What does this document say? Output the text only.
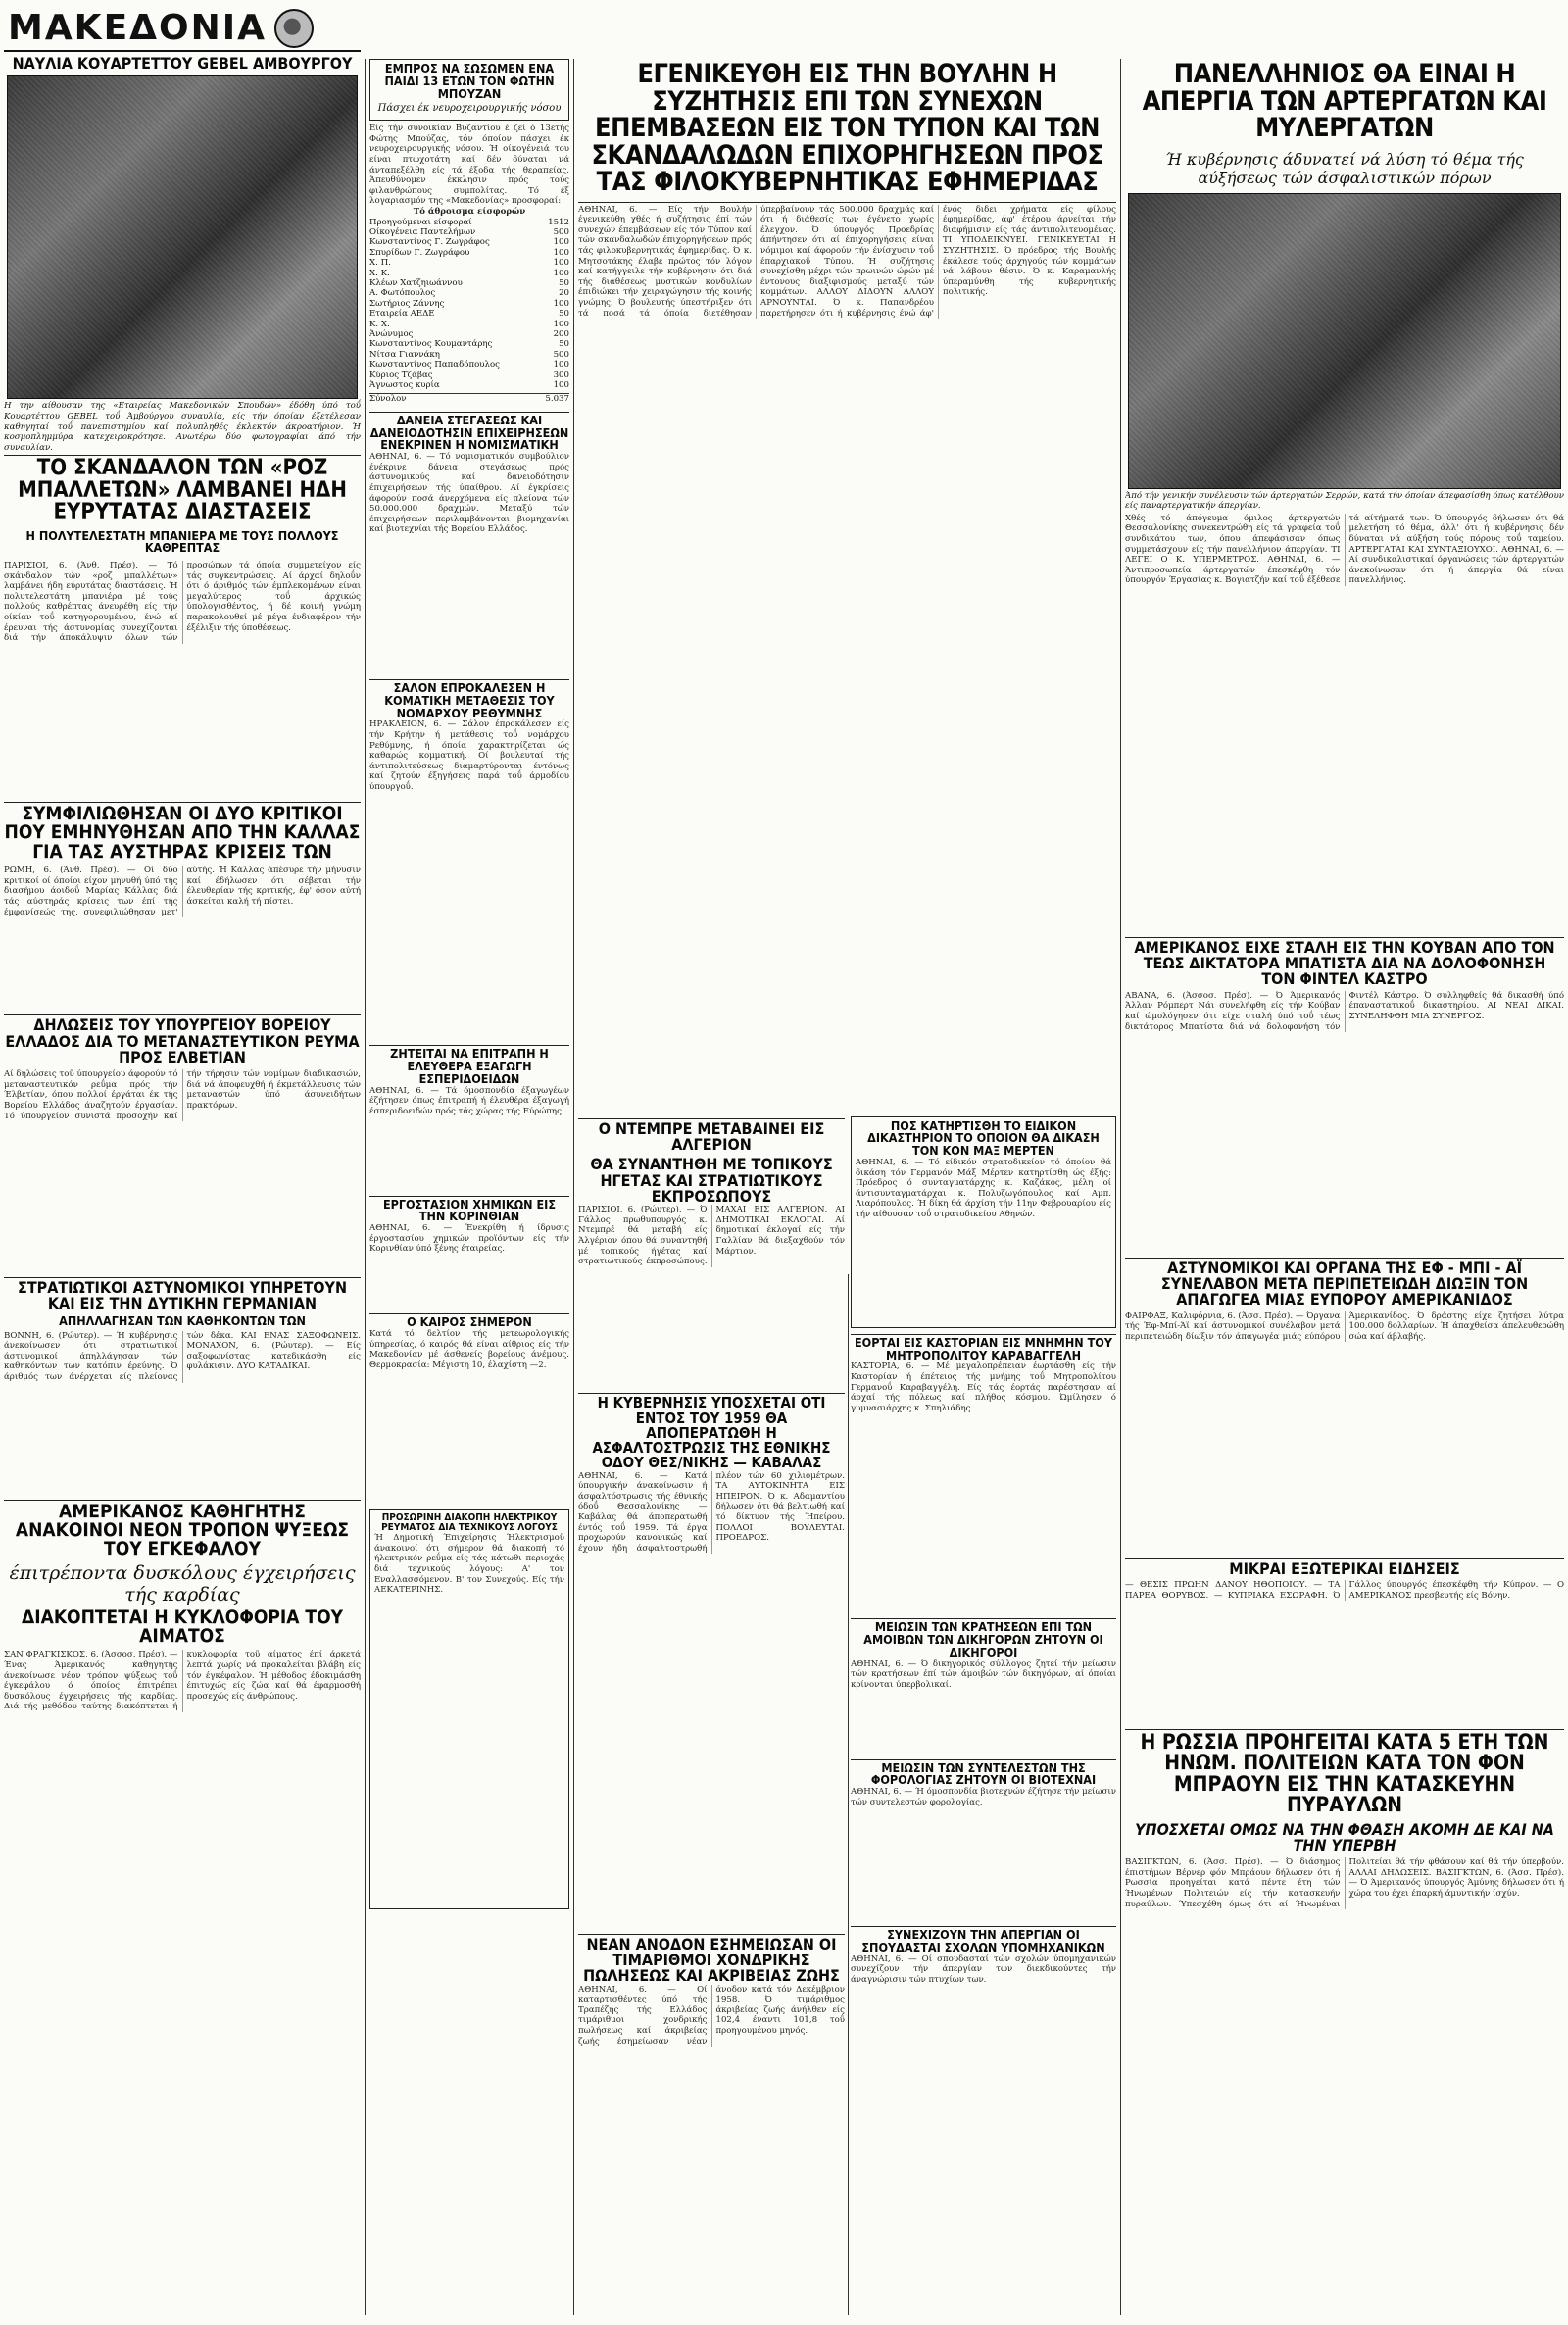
ΜΑΚΕΔΟΝΙΑ

ΝΑΥΛΙΑ ΚΟΥΑΡΤΕΤΤΟΥ GEBEL ΑΜΒΟΥΡΓΟΥ

Η την αίθουσαν της «Εταιρείας Μακεδονικών Σπουδών» έδόθη ύπό τοΰ Κουαρτέττου GEBEL τοΰ Άμβούργου συναυλία, είς τήν όποίαν έξετέλεσαν καθηγηταί τοΰ πανεπιστημίου καί πολυπληθές έκλεκτόν άκροατήριον. Ή κοσμοπλημμύρα κατεχειροκρότησε. Ανωτέρω δύο φωτογραφίαι άπό τήν συναυλίαν.

ΤΟ ΣΚΑΝΔΑΛΟΝ ΤΩΝ «ΡΟΖ ΜΠΑΛΛΕΤΩΝ» ΛΑΜΒΑΝΕΙ ΗΔΗ ΕΥΡΥΤΑΤΑΣ ΔΙΑΣΤΑΣΕΙΣ

Η ΠΟΛΥΤΕΛΕΣΤΑΤΗ ΜΠΑΝΙΕΡΑ ΜΕ ΤΟΥΣ ΠΟΛΛΟΥΣ ΚΑΘΡΕΠΤΑΣ

ΠΑΡΙΣΙΟΙ, 6. (Άνθ. Πρέσ). — Τό σκάνδαλον τών «ροζ μπαλλέτων» λαμβάνει ήδη εύρυτάτας διαστάσεις. Ή πολυτελεστάτη μπανιέρα μέ τούς πολλούς καθρέπτας άνευρέθη είς τήν οίκίαν τοΰ κατηγορουμένου, ένώ αί έρευναι τής άστυνομίας συνεχίζονται διά τήν άποκάλυψιν όλων τών προσώπων τά όποία συμμετείχον είς τάς συγκεντρώσεις. Αί άρχαί δηλοΰν ότι ό άριθμός τών έμπλεκομένων είναι μεγαλύτερος τοΰ άρχικώς ύπολογισθέντος, ή δέ κοινή γνώμη παρακολουθεί μέ μέγα ένδιαφέρον τήν έξέλιξιν τής ύποθέσεως.

ΣΥΜΦΙΛΙΩΘΗΣΑΝ ΟΙ ΔΥΟ ΚΡΙΤΙΚΟΙ ΠΟΥ ΕΜΗΝΥΘΗΣΑΝ ΑΠΟ ΤΗΝ ΚΑΛΛΑΣ ΓΙΑ ΤΑΣ ΑΥΣΤΗΡΑΣ ΚΡΙΣΕΙΣ ΤΩΝ

ΡΩΜΗ, 6. (Άνθ. Πρέσ). — Οί δύο κριτικοί οί όποίοι είχον μηνυθή ύπό τής διασήμου άοιδοΰ Μαρίας Κάλλας διά τάς αύστηράς κρίσεις των έπί τής έμφανίσεώς της, συνεφιλιώθησαν μετ' αύτής. Ή Κάλλας άπέσυρε τήν μήνυσιν καί έδήλωσεν ότι σέβεται τήν έλευθερίαν τής κριτικής, έφ' όσον αύτή άσκείται καλή τή πίστει.

ΔΗΛΩΣΕΙΣ ΤΟΥ ΥΠΟΥΡΓΕΙΟΥ ΒΟΡΕΙΟΥ ΕΛΛΑΔΟΣ ΔΙΑ ΤΟ ΜΕΤΑΝΑΣΤΕΥΤΙΚΟΝ ΡΕΥΜΑ ΠΡΟΣ ΕΛΒΕΤΙΑΝ

Αί δηλώσεις τοΰ ύπουργείου άφορούν τό μεταναστευτικόν ρεΰμα πρός τήν Έλβετίαν, όπου πολλοί έργάται έκ τής Βορείου Ελλάδος άναζητούν έργασίαν. Τό ύπουργείον συνιστά προσοχήν καί τήν τήρησιν τών νομίμων διαδικασιών, διά νά άποφευχθή ή έκμετάλλευσις τών μεταναστών ύπό άσυνειδήτων πρακτόρων.

ΣΤΡΑΤΙΩΤΙΚΟΙ ΑΣΤΥΝΟΜΙΚΟΙ ΥΠΗΡΕΤΟΥΝ ΚΑΙ ΕΙΣ ΤΗΝ ΔΥΤΙΚΗΝ ΓΕΡΜΑΝΙΑΝ

ΑΠΗΛΛΑΓΗΣΑΝ ΤΩΝ ΚΑΘΗΚΟΝΤΩΝ ΤΩΝ

ΒΟΝΝΗ, 6. (Ρώυτερ). — Ή κυβέρνησις άνεκοίνωσεν ότι στρατιωτικοί άστυνομικοί άπηλλάγησαν τών καθηκόντων των κατόπιν έρεύνης. Ό άριθμός των άνέρχεται είς πλείονας τών δέκα. ΚΑΙ ΕΝΑΣ ΣΑΞΟΦΩΝΕΙΣ. ΜΟΝΑΧΟΝ, 6. (Ρώυτερ). — Είς σαξοφωνίστας κατεδικάσθη είς φυλάκισιν. ΔΥΟ ΚΑΤΑΔΙΚΑΙ.

ΑΜΕΡΙΚΑΝΟΣ ΚΑΘΗΓΗΤΗΣ ΑΝΑΚΟΙΝΟΙ ΝΕΟΝ ΤΡΟΠΟΝ ΨΥΞΕΩΣ ΤΟΥ ΕΓΚΕΦΑΛΟΥ

έπιτρέποντα δυσκόλους έγχειρήσεις τής καρδίας

ΔΙΑΚΟΠΤΕΤΑΙ Η ΚΥΚΛΟΦΟΡΙΑ ΤΟΥ ΑΙΜΑΤΟΣ

ΣΑΝ ΦΡΑΓΚΙΣΚΟΣ, 6. (Άσσοσ. Πρέσ). — Ένας Άμερικανός καθηγητής άνεκοίνωσε νέον τρόπον ψύξεως τοΰ έγκεφάλου ό όποίος έπιτρέπει δυσκόλους έγχειρήσεις τής καρδίας. Διά τής μεθόδου ταύτης διακόπτεται ή κυκλοφορία τοΰ αίματος έπί άρκετά λεπτά χωρίς νά προκαλείται βλάβη είς τόν έγκέφαλον. Ή μέθοδος έδοκιμάσθη έπιτυχώς είς ζώα καί θά έφαρμοσθή προσεχώς είς άνθρώπους.

ΕΜΠΡΟΣ ΝΑ ΣΩΣΩΜΕΝ ΕΝΑ ΠΑΙΔΙ 13 ΕΤΩΝ ΤΟΝ ΦΩΤΗΝ ΜΠΟΥΖΑΝ

Πάσχει έκ νευροχειρουργικής νόσου

Είς τήν συνοικίαν Βυζαντίου έ ζεί ό 13ετής Φώτης Μπούζας, τόν όποίον πάσχει έκ νευροχειρουργικής νόσου. Ή οίκογένειά του είναι πτωχοτάτη καί δέν δύναται νά άνταπεξέλθη είς τά έξοδα τής θεραπείας. Άπευθύνομεν έκκλησιν πρός τούς φιλανθρώπους συμπολίτας. Τό έξ λογαριασμόν της «Μακεδονίας» προσφοραί:

Τό άθροισμα είσφορών

Προηγούμεναι είσφοραί	1512
Οίκογένεια Παντελήμων	500
Κωνσταντίνος Γ. Ζωγράφος	100
Σπυρίδων Γ. Ζωγράφου	100
Χ. Π.	100
Χ. Κ.	100
Κλέων Χατζηιωάννου	50
Α. Φωτόπουλος	20
Σωτήριος Ζάννης	100
Εταιρεία ΑΕΔΕ	50
Κ. Χ.	100
Άνώνυμος	200
Κωνσταντίνος Κουμαντάρης	50
Νίτσα Γιαννάκη	500
Κωνσταντίνος Παπαδόπουλος	100
Κύριος Τζάβας	300
Άγνωστος κυρία	100
Σύνολον	5.037

ΔΑΝΕΙΑ ΣΤΕΓΑΣΕΩΣ ΚΑΙ ΔΑΝΕΙΟΔΟΤΗΣΙΝ ΕΠΙΧΕΙΡΗΣΕΩΝ ΕΝΕΚΡΙΝΕΝ Η ΝΟΜΙΣΜΑΤΙΚΗ

ΑΘΗΝΑΙ, 6. — Τό νομισματικόν συμβούλιον ένέκρινε δάνεια στεγάσεως πρός άστυνομικούς καί δανειοδότησιν έπιχειρήσεων τής ύπαίθρου. Αί έγκρίσεις άφορούν ποσά άνερχόμενα είς πλείονα τών 50.000.000 δραχμών. Μεταξύ τών έπιχειρήσεων περιλαμβάνονται βιομηχανίαι καί βιοτεχνίαι τής Βορείου Ελλάδος.

ΣΑΛΟΝ ΕΠΡΟΚΑΛΕΣΕΝ Η ΚΟΜΑΤΙΚΗ ΜΕΤΑΘΕΣΙΣ ΤΟΥ ΝΟΜΑΡΧΟΥ ΡΕΘΥΜΝΗΣ

ΗΡΑΚΛΕΙΟΝ, 6. — Σάλον έπροκάλεσεν είς τήν Κρήτην ή μετάθεσις τοΰ νομάρχου Ρεθύμνης, ή όποία χαρακτηρίζεται ώς καθαρώς κομματική. Οί βουλευταί τής άντιπολιτεύσεως διαμαρτύρονται έντόνως καί ζητούν έξηγήσεις παρά τοΰ άρμοδίου ύπουργοΰ.

ΖΗΤΕΙΤΑΙ ΝΑ ΕΠΙΤΡΑΠΗ Η ΕΛΕΥΘΕΡΑ ΕΞΑΓΩΓΗ ΕΣΠΕΡΙΔΟΕΙΔΩΝ

ΑΘΗΝΑΙ, 6. — Τά όμοσπονδία έξαγωγέων έζήτησεν όπως έπιτραπή ή έλευθέρα έξαγωγή έσπεριδοειδών πρός τάς χώρας τής Εύρώπης.

ΕΡΓΟΣΤΑΣΙΟΝ ΧΗΜΙΚΩΝ ΕΙΣ ΤΗΝ ΚΟΡΙΝΘΙΑΝ

ΑΘΗΝΑΙ, 6. — Ένεκρίθη ή ίδρυσις έργοστασίου χημικών προϊόντων είς τήν Κορινθίαν ύπό ξένης έταιρείας.

Ο ΚΑΙΡΟΣ ΣΗΜΕΡΟΝ

Κατά τό δελτίον τής μετεωρολογικής ύπηρεσίας, ό καιρός θά είναι αίθριος είς τήν Μακεδονίαν μέ άσθενείς βορείους άνέμους. Θερμοκρασία: Μέγιστη 10, έλαχίστη —2.

ΠΡΟΣΩΡΙΝΗ ΔΙΑΚΟΠΗ ΗΛΕΚΤΡΙΚΟΥ ΡΕΥΜΑΤΟΣ ΔΙΑ ΤΕΧΝΙΚΟΥΣ ΛΟΓΟΥΣ

Ή Δημοτική Έπιχείρησις Ήλεκτρισμοΰ άνακοινοί ότι σήμερον θά διακοπή τό ήλεκτρικόν ρεΰμα είς τάς κάτωθι περιοχάς διά τεχνικούς λόγους: Α' τον Εναλλασσόμενον. Β' τον Συνεχούς. Είς τήν ΑΕΚΑΤΕΡΙΝΗΣ.

ΕΓΕΝΙΚΕΥΘΗ ΕΙΣ ΤΗΝ ΒΟΥΛΗΝ Η ΣΥΖΗΤΗΣΙΣ ΕΠΙ ΤΩΝ ΣΥΝΕΧΩΝ ΕΠΕΜΒΑΣΕΩΝ ΕΙΣ ΤΟΝ ΤΥΠΟΝ ΚΑΙ ΤΩΝ ΣΚΑΝΔΑΛΩΔΩΝ ΕΠΙΧΟΡΗΓΗΣΕΩΝ ΠΡΟΣ ΤΑΣ ΦΙΛΟΚΥΒΕΡΝΗΤΙΚΑΣ ΕΦΗΜΕΡΙΔΑΣ

ΑΘΗΝΑΙ, 6. — Είς τήν Βουλήν έγενικεύθη χθές ή συζήτησις έπί τών συνεχών έπεμβάσεων είς τόν Τύπον καί τών σκανδαλωδών έπιχορηγήσεων πρός τάς φιλοκυβερνητικάς έφημερίδας. Ό κ. Μητσοτάκης έλαβε πρώτος τόν λόγον καί κατήγγειλε τήν κυβέρνησιν ότι διά τής διαθέσεως μυστικών κονδυλίων έπιδιώκει τήν χειραγώγησιν τής κοινής γνώμης. Ό βουλευτής ύπεστήριξεν ότι τά ποσά τά όποία διετέθησαν ύπερβαίνουν τάς 500.000 δραχμάς καί ότι ή διάθεσίς των έγένετο χωρίς έλεγχον. Ό ύπουργός Προεδρίας άπήντησεν ότι αί έπιχορηγήσεις είναι νόμιμοι καί άφορούν τήν ένίσχυσιν τοΰ έπαρχιακοΰ Τύπου. Ή συζήτησις συνεχίσθη μέχρι τών πρωινών ώρών μέ έντονους διαξιφισμούς μεταξύ τών κομμάτων. ΑΛΛΟΥ ΔΙΔΟΥΝ ΑΛΛΟΥ ΑΡΝΟΥΝΤΑΙ. Ό κ. Παπανδρέου παρετήρησεν ότι ή κυβέρνησις ένώ άφ' ένός διδει χρήματα είς φίλους έφημερίδας, άφ' έτέρου άρνείται τήν διαφήμισιν είς τάς άντιπολιτευομένας. ΤΙ ΥΠΟΔΕΙΚΝΥΕΙ. ΓΕΝΙΚΕΥΕΤΑΙ Η ΣΥΖΗΤΗΣΙΣ. Ό πρόεδρος τής Βουλής έκάλεσε τούς άρχηγούς τών κομμάτων νά λάβουν θέσιν. Ό κ. Καραμανλής ύπεραμύνθη τής κυβερνητικής πολιτικής.

Ο ΝΤΕΜΠΡΕ ΜΕΤΑΒΑΙΝΕΙ ΕΙΣ ΑΛΓΕΡΙΟΝ

ΘΑ ΣΥΝΑΝΤΗΘΗ ΜΕ ΤΟΠΙΚΟΥΣ ΗΓΕΤΑΣ ΚΑΙ ΣΤΡΑΤΙΩΤΙΚΟΥΣ ΕΚΠΡΟΣΩΠΟΥΣ

ΠΑΡΙΣΙΟΙ, 6. (Ρώυτερ). — Ό Γάλλος πρωθυπουργός κ. Ντεμπρέ θά μεταβή είς Άλγέριον όπου θά συναντηθή μέ τοπικούς ήγέτας καί στρατιωτικούς έκπροσώπους. ΜΑΧΑΙ ΕΙΣ ΑΛΓΕΡΙΟΝ. ΑΙ ΔΗΜΟΤΙΚΑΙ ΕΚΛΟΓΑΙ. Αί δημοτικαί έκλογαί είς τήν Γαλλίαν θά διεξαχθούν τόν Μάρτιον.

Η ΚΥΒΕΡΝΗΣΙΣ ΥΠΟΣΧΕΤΑΙ ΟΤΙ ΕΝΤΟΣ ΤΟΥ 1959 ΘΑ ΑΠΟΠΕΡΑΤΩΘΗ Η ΑΣΦΑΛΤΟΣΤΡΩΣΙΣ ΤΗΣ ΕΘΝΙΚΗΣ ΟΔΟΥ ΘΕΣ/ΝΙΚΗΣ — ΚΑΒΑΛΑΣ

ΑΘΗΝΑΙ, 6. — Κατά ύπουργικήν άνακοίνωσιν ή άσφαλτόστρωσις τής έθνικής όδοΰ Θεσσαλονίκης — Καβάλας θά άποπερατωθή έντός τοΰ 1959. Τά έργα προχωρούν κανονικώς καί έχουν ήδη άσφαλτοστρωθή πλέον τών 60 χιλιομέτρων. ΤΑ ΑΥΤΟΚΙΝΗΤΑ ΕΙΣ ΗΠΕΙΡΟΝ. Ό κ. Αδαμαντίου δήλωσεν ότι θά βελτιωθή καί τό δίκτυον τής Ήπείρου. ΠΟΛΛΟΙ ΒΟΥΛΕΥΤΑΙ. ΠΡΟΕΔΡΟΣ.

ΝΕΑΝ ΑΝΟΔΟΝ ΕΣΗΜΕΙΩΣΑΝ ΟΙ ΤΙΜΑΡΙΘΜΟΙ ΧΟΝΔΡΙΚΗΣ ΠΩΛΗΣΕΩΣ ΚΑΙ ΑΚΡΙΒΕΙΑΣ ΖΩΗΣ

ΑΘΗΝΑΙ, 6. — Οί καταρτισθέντες ύπό τής Τραπέζης τής Ελλάδος τιμάριθμοι χονδρικής πωλήσεως καί άκριβείας ζωής έσημείωσαν νέαν άνοδον κατά τόν Δεκέμβριον 1958. Ό τιμάριθμος άκριβείας ζωής άνήλθεν είς 102,4 έναντι 101,8 τοΰ προηγουμένου μηνός.

ΠΟΣ ΚΑΤΗΡΤΙΣΘΗ ΤΟ ΕΙΔΙΚΟΝ ΔΙΚΑΣΤΗΡΙΟΝ ΤΟ ΟΠΟΙΟΝ ΘΑ ΔΙΚΑΣΗ ΤΟΝ ΚΟΝ ΜΑΞ ΜΕΡΤΕΝ

ΑΘΗΝΑΙ, 6. — Τό είδικόν στρατοδικείον τό όποίον θά δικάση τόν Γερμανόν Μάξ Μέρτεν κατηρτίσθη ώς έξής: Πρόεδρος ό συνταγματάρχης κ. Καζάκος, μέλη οί άντισυνταγματάρχαι κ. Πολυζωγόπουλος καί Αμπ. Λιαρόπουλος. Ή δίκη θά άρχίση τήν 11ην Φεβρουαρίου είς τήν αίθουσαν τοΰ στρατοδικείου Αθηνών.

ΕΟΡΤΑΙ ΕΙΣ ΚΑΣΤΟΡΙΑΝ ΕΙΣ ΜΝΗΜΗΝ ΤΟΥ ΜΗΤΡΟΠΟΛΙΤΟΥ ΚΑΡΑΒΑΓΓΕΛΗ

ΚΑΣΤΟΡΙΑ, 6. — Μέ μεγαλοπρέπειαν έωρτάσθη είς τήν Καστορίαν ή έπέτειος τής μνήμης τοΰ Μητροπολίτου Γερμανοΰ Καραβαγγέλη. Είς τάς έορτάς παρέστησαν αί άρχαί τής πόλεως καί πλήθος κόσμου. Ώμίλησεν ό γυμνασιάρχης κ. Σπηλιάδης.

ΜΕΙΩΣΙΝ ΤΩΝ ΚΡΑΤΗΣΕΩΝ ΕΠΙ ΤΩΝ ΑΜΟΙΒΩΝ ΤΩΝ ΔΙΚΗΓΟΡΩΝ ΖΗΤΟΥΝ ΟΙ ΔΙΚΗΓΟΡΟΙ

ΑΘΗΝΑΙ, 6. — Ό δικηγορικός σύλλογος ζητεί τήν μείωσιν τών κρατήσεων έπί τών άμοιβών τών δικηγόρων, αί όποίαι κρίνονται ύπερβολικαί.

ΜΕΙΩΣΙΝ ΤΩΝ ΣΥΝΤΕΛΕΣΤΩΝ ΤΗΣ ΦΟΡΟΛΟΓΙΑΣ ΖΗΤΟΥΝ ΟΙ ΒΙΟΤΕΧΝΑΙ

ΑΘΗΝΑΙ, 6. — Ή όμοσπονδία βιοτεχνών έζήτησε τήν μείωσιν τών συντελεστών φορολογίας.

ΣΥΝΕΧΙΖΟΥΝ ΤΗΝ ΑΠΕΡΓΙΑΝ ΟΙ ΣΠΟΥΔΑΣΤΑΙ ΣΧΟΛΩΝ ΥΠΟΜΗΧΑΝΙΚΩΝ

ΑΘΗΝΑΙ, 6. — Οί σπουδασταί τών σχολών ύπομηχανικών συνεχίζουν τήν άπεργίαν των διεκδικούντες τήν άναγνώρισιν τών πτυχίων των.

ΠΑΝΕΛΛΗΝΙΟΣ ΘΑ ΕΙΝΑΙ Η ΑΠΕΡΓΙΑ ΤΩΝ ΑΡΤΕΡΓΑΤΩΝ ΚΑΙ ΜΥΛΕΡΓΑΤΩΝ

Ή κυβέρνησις άδυνατεί νά λύση τό θέμα τής αύξήσεως τών άσφαλιστικών πόρων

Άπό τήν γενικήν συνέλευσιν τών άρτεργατών Σερρών, κατά τήν όποίαν άπεφασίσθη όπως κατέλθουν είς παναρτεργατικήν άπεργίαν.

Χθές τό άπόγευμα όμιλος άρτεργατών Θεσσαλονίκης συνεκεντρώθη είς τά γραφεία τοΰ συνδικάτου των, όπου άπεφάσισαν όπως συμμετάσχουν είς τήν πανελλήνιον άπεργίαν. ΤΙ ΛΕΓΕΙ Ο Κ. ΥΠΕΡΜΕΤΡΟΣ. ΑΘΗΝΑΙ, 6. — Άντιπροσωπεία άρτεργατών έπεσκέφθη τόν ύπουργόν Έργασίας κ. Βογιατζήν καί τοΰ έξέθεσε τά αίτήματά των. Ό ύπουργός δήλωσεν ότι θά μελετήση τό θέμα, άλλ' ότι ή κυβέρνησις δέν δύναται νά αύξήση τούς πόρους τοΰ ταμείου. ΑΡΤΕΡΓΑΤΑΙ ΚΑΙ ΣΥΝΤΑΞΙΟΥΧΟΙ. ΑΘΗΝΑΙ, 6. — Αί συνδικαλιστικαί όργανώσεις τών άρτεργατών άνεκοίνωσαν ότι ή άπεργία θά είναι πανελλήνιος.

ΑΜΕΡΙΚΑΝΟΣ ΕΙΧΕ ΣΤΑΛΗ ΕΙΣ ΤΗΝ ΚΟΥΒΑΝ ΑΠΟ ΤΟΝ ΤΕΩΣ ΔΙΚΤΑΤΟΡΑ ΜΠΑΤΙΣΤΑ ΔΙΑ ΝΑ ΔΟΛΟΦΟΝΗΣΗ ΤΟΝ ΦΙΝΤΕΛ ΚΑΣΤΡΟ

ΑΒΑΝΑ, 6. (Άσσοσ. Πρέσ). — Ό Άμερικανός Άλλαν Ρόμπερτ Νάι συνελήφθη είς τήν Κούβαν καί ώμολόγησεν ότι είχε σταλή ύπό τοΰ τέως δικτάτορος Μπατίστα διά νά δολοφονήση τόν Φιντέλ Κάστρο. Ό συλληφθείς θά δικασθή ύπό έπαναστατικοΰ δικαστηρίου. ΑΙ ΝΕΑΙ ΔΙΚΑΙ. ΣΥΝΕΛΗΦΘΗ ΜΙΑ ΣΥΝΕΡΓΟΣ.

ΑΣΤΥΝΟΜΙΚΟΙ ΚΑΙ ΟΡΓΑΝΑ ΤΗΣ ΕΦ - ΜΠΙ - ΑΪ ΣΥΝΕΛΑΒΟΝ ΜΕΤΑ ΠΕΡΙΠΕΤΕΙΩΔΗ ΔΙΩΞΙΝ ΤΟΝ ΑΠΑΓΩΓΕΑ ΜΙΑΣ ΕΥΠΟΡΟΥ ΑΜΕΡΙΚΑΝΙΔΟΣ

ΦΑΙΡΦΑΞ, Καλιφόρνια, 6. (Άσσ. Πρέσ). — Όργανα τής Έφ-Μπί-Άϊ καί άστυνομικοί συνέλαβον μετά περιπετειώδη δίωξιν τόν άπαγωγέα μιάς εύπόρου Άμερικανίδος. Ό δράστης είχε ζητήσει λύτρα 100.000 δολλαρίων. Ή άπαχθείσα άπελευθερώθη σώα καί άβλαβής.

ΜΙΚΡΑΙ ΕΞΩΤΕΡΙΚΑΙ ΕΙΔΗΣΕΙΣ

— ΘΕΣΙΣ ΠΡΩΗΝ ΔΑΝΟΥ ΗΘΟΠΟΙΟΥ. — ΤΑ ΠΑΡΕΑ ΘΟΡΥΒΟΣ. — ΚΥΠΡΙΑΚΑ ΕΣΩΡΑΦΗ. Ό Γάλλος ύπουργός έπεσκέφθη τήν Κύπρον. — Ο ΑΜΕΡΙΚΑΝΟΣ πρεσβευτής είς Βόνην.

Η ΡΩΣΣΙΑ ΠΡΟΗΓΕΙΤΑΙ ΚΑΤΑ 5 ΕΤΗ ΤΩΝ ΗΝΩΜ. ΠΟΛΙΤΕΙΩΝ ΚΑΤΑ ΤΟΝ ΦΟΝ ΜΠΡΑΟΥΝ ΕΙΣ ΤΗΝ ΚΑΤΑΣΚΕΥΗΝ ΠΥΡΑΥΛΩΝ

ΥΠΟΣΧΕΤΑΙ ΟΜΩΣ ΝΑ ΤΗΝ ΦΘΑΣΗ ΑΚΟΜΗ ΔΕ ΚΑΙ ΝΑ ΤΗΝ ΥΠΕΡΒΗ

ΒΑΣΙΓΚΤΩΝ, 6. (Άσσ. Πρέσ). — Ό διάσημος έπιστήμων Βέρνερ φόν Μπράουν δήλωσεν ότι ή Ρωσσία προηγείται κατά πέντε έτη τών Ήνωμένων Πολιτειών είς τήν κατασκευήν πυραύλων. Ύπεσχέθη όμως ότι αί Ήνωμέναι Πολιτείαι θά τήν φθάσουν καί θά τήν ύπερβούν. ΑΛΛΑΙ ΔΗΛΩΣΕΙΣ. ΒΑΣΙΓΚΤΩΝ, 6. (Άσσ. Πρέσ). — Ό Άμερικανός ύπουργός Άμύνης δήλωσεν ότι ή χώρα του έχει έπαρκή άμυντικήν ίσχύν.
